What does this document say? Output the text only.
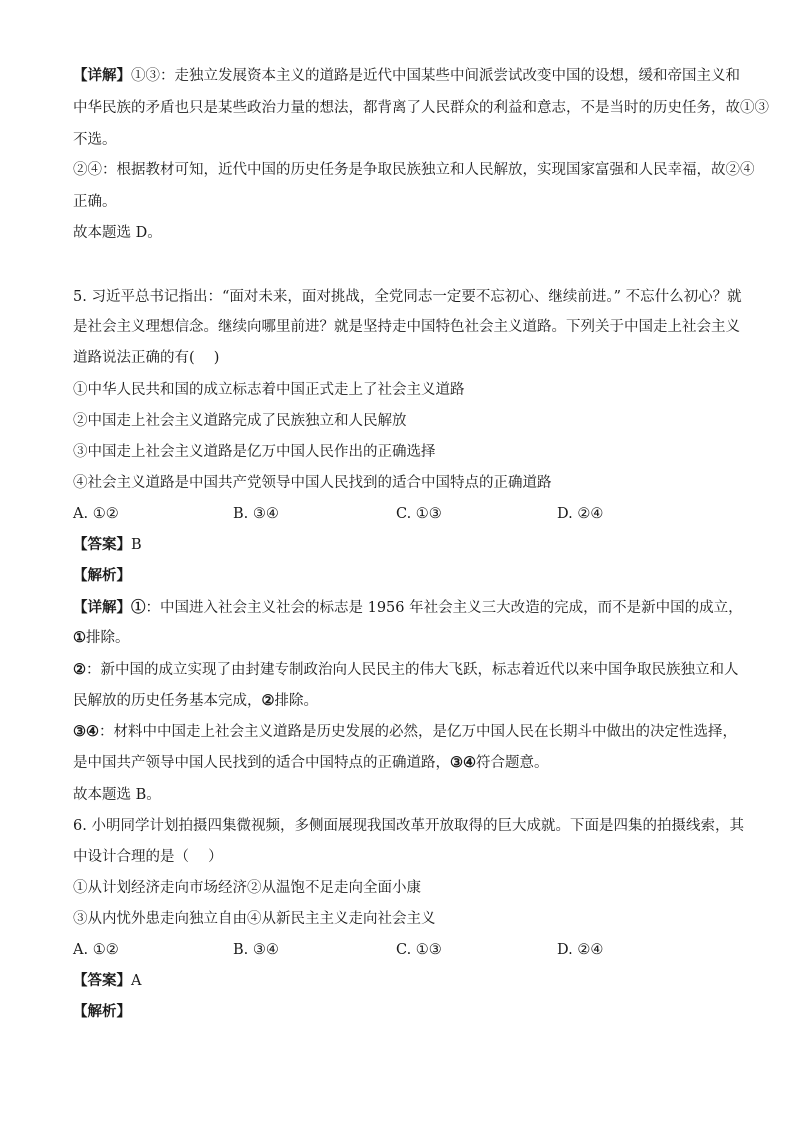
【详解】①③：走独立发展资本主义的道路是近代中国某些中间派尝试改变中国的设想，缓和帝国主义和
中华民族的矛盾也只是某些政治力量的想法，都背离了人民群众的利益和意志，不是当时的历史任务，故①③
不选。
②④：根据教材可知，近代中国的历史任务是争取民族独立和人民解放，实现国家富强和人民幸福，故②④
正确。
故本题选 D。
5. 习近平总书记指出：“面对未来，面对挑战，全党同志一定要不忘初心、继续前进。” 不忘什么初心？就
是社会主义理想信念。继续向哪里前进？就是坚持走中国特色社会主义道路。下列关于中国走上社会主义
道路说法正确的有(　 )
①中华人民共和国的成立标志着中国正式走上了社会主义道路
②中国走上社会主义道路完成了民族独立和人民解放
③中国走上社会主义道路是亿万中国人民作出的正确选择
④社会主义道路是中国共产党领导中国人民找到的适合中国特点的正确道路
A. ①②	B. ③④	C. ①③	D. ②④
【答案】B
【解析】
【详解】①：中国进入社会主义社会的标志是 1956 年社会主义三大改造的完成，而不是新中国的成立，
①排除。
②：新中国的成立实现了由封建专制政治向人民民主的伟大飞跃，标志着近代以来中国争取民族独立和人
民解放的历史任务基本完成，②排除。
③④：材料中中国走上社会主义道路是历史发展的必然，是亿万中国人民在长期斗中做出的决定性选择，
是中国共产领导中国人民找到的适合中国特点的正确道路，③④符合题意。
故本题选 B。
6. 小明同学计划拍摄四集微视频，多侧面展现我国改革开放取得的巨大成就。下面是四集的拍摄线索，其
中设计合理的是（　 ）
①从计划经济走向市场经济②从温饱不足走向全面小康
③从内忧外患走向独立自由④从新民主主义走向社会主义
A. ①②	B. ③④	C. ①③	D. ②④
【答案】A
【解析】
